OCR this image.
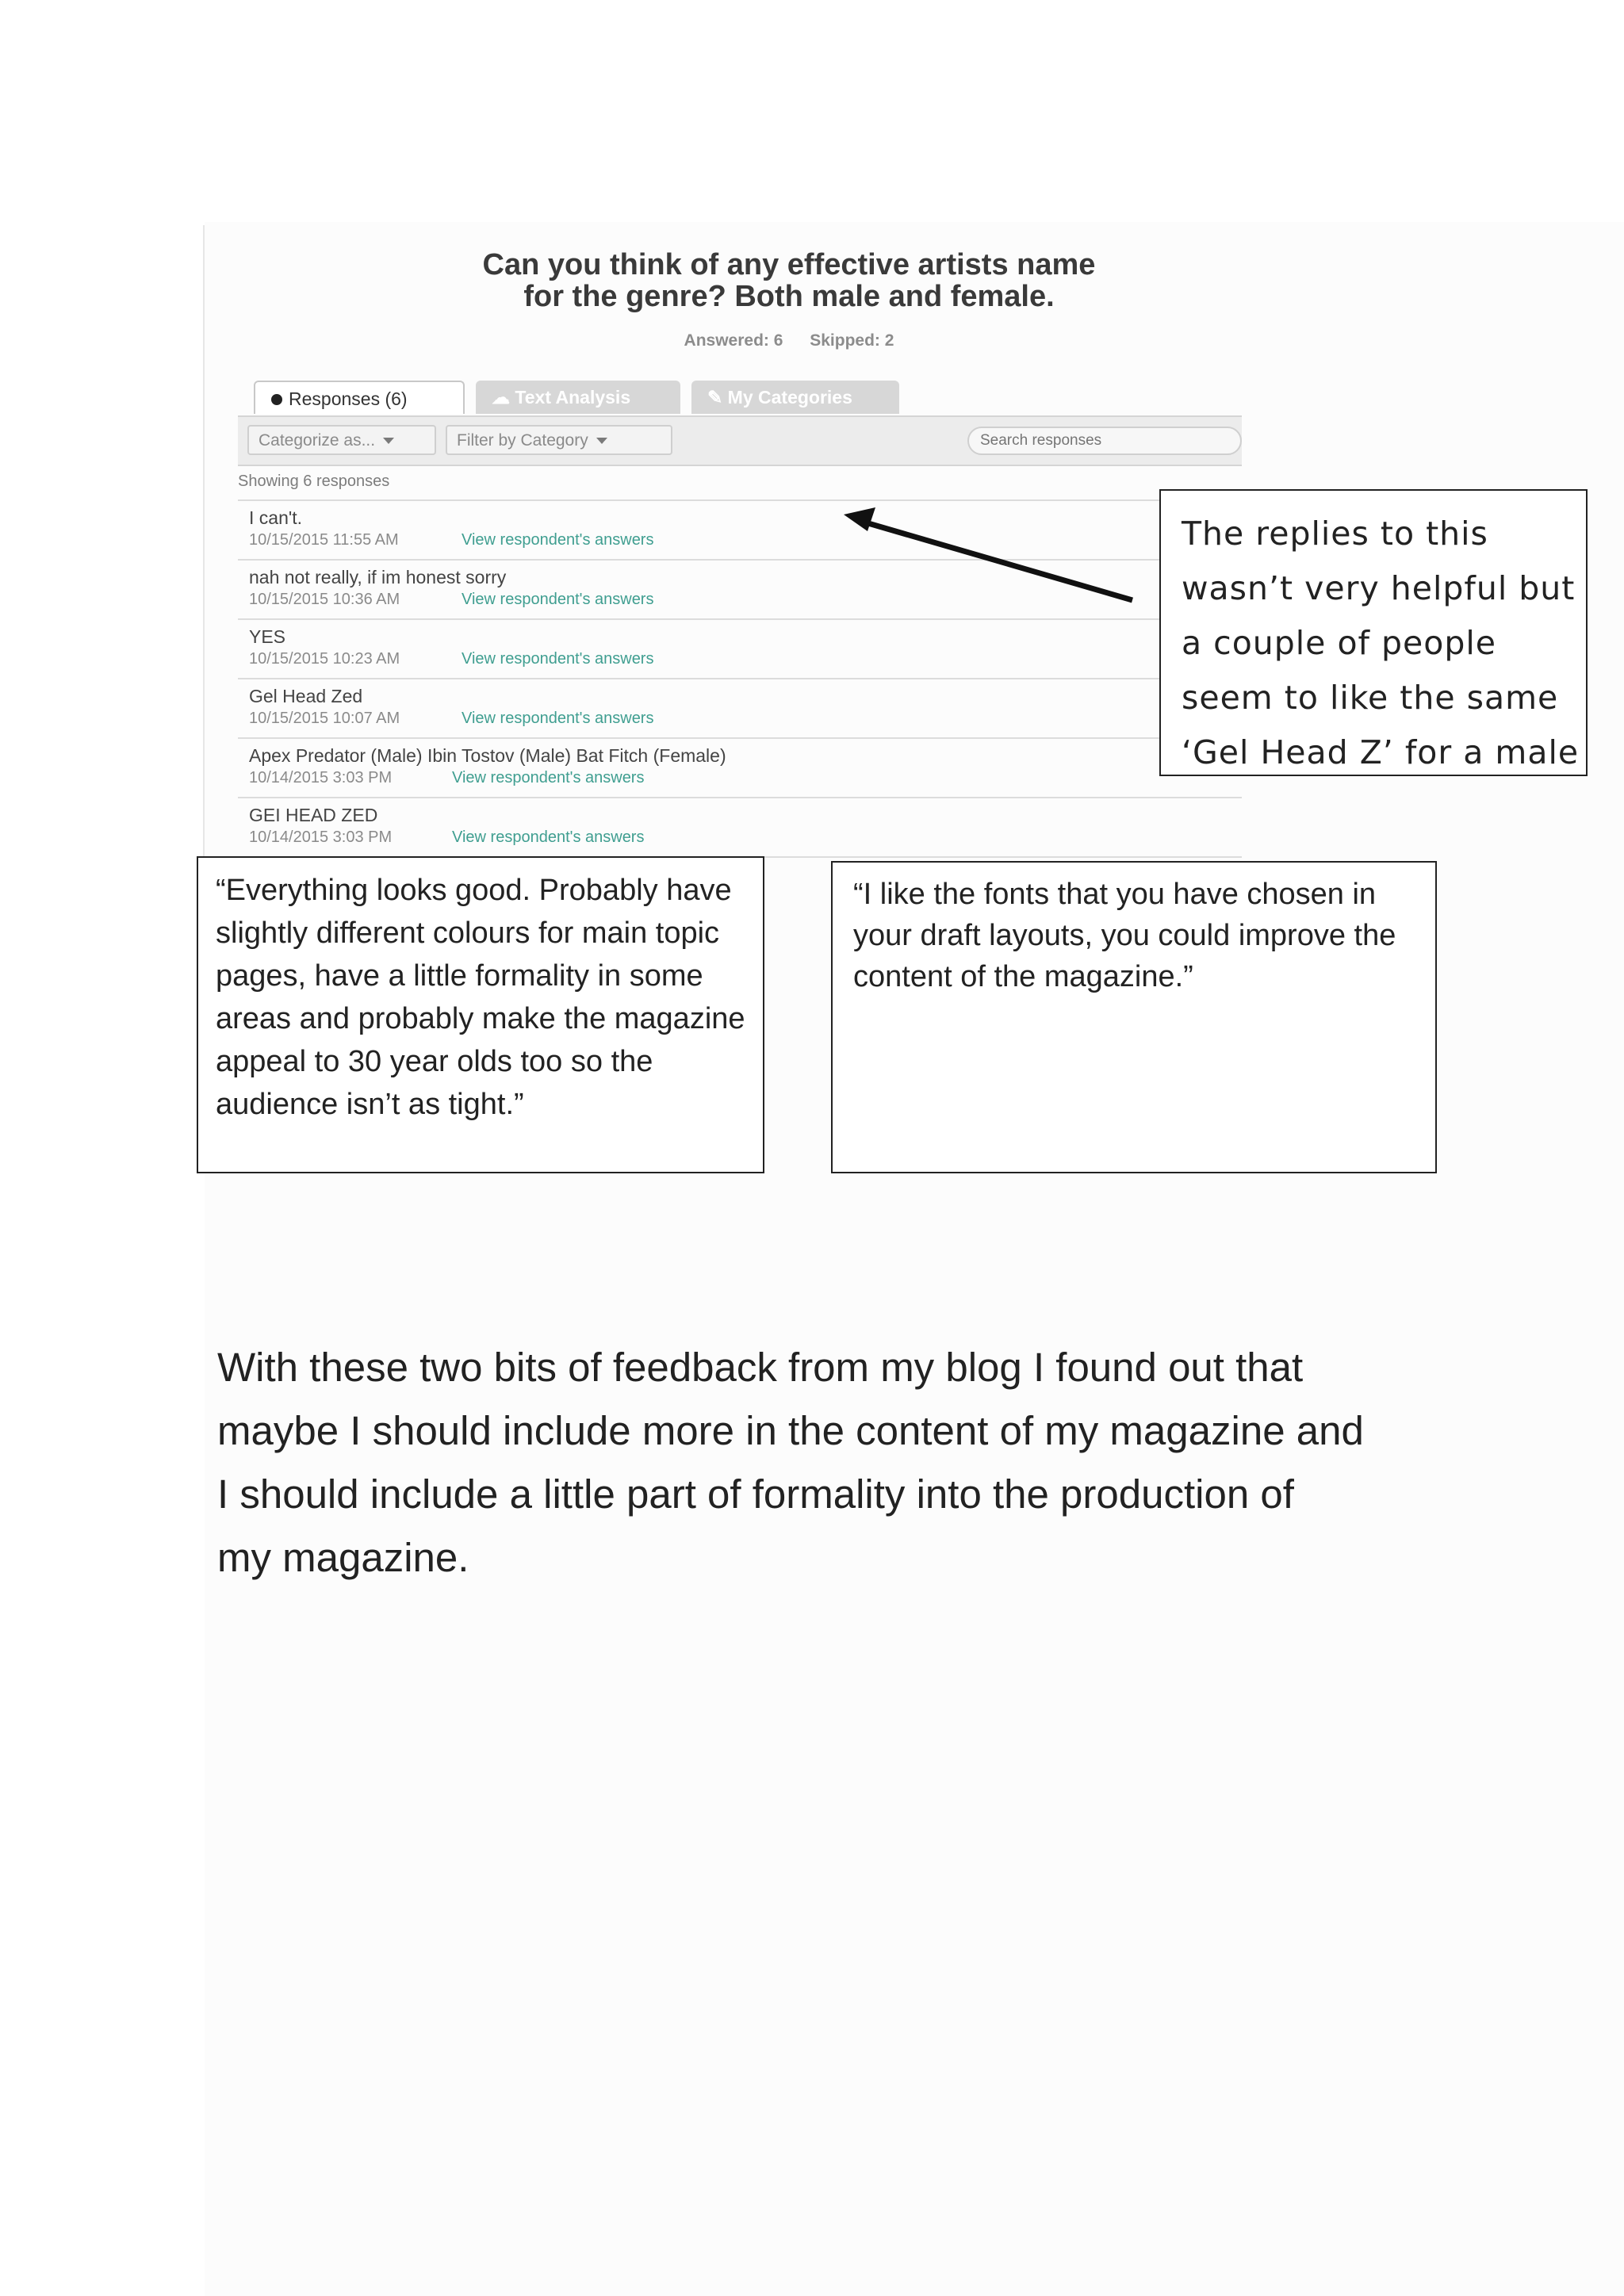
Can you think of any effective artists name
for the genre? Both male and female.
Answered: 6 Skipped: 2
Responses (6)	☁ Text Analysis	✎ My Categories
Categorize as...	Filter by Category
Search responses
Showing 6 responses
I can't.
10/15/2015 11:55 AM	View respondent's answers
nah not really, if im honest sorry
10/15/2015 10:36 AM	View respondent's answers
YES
10/15/2015 10:23 AM	View respondent's answers
Gel Head Zed
10/15/2015 10:07 AM	View respondent's answers
Apex Predator (Male) Ibin Tostov (Male) Bat Fitch (Female)
10/14/2015 3:03 PM	View respondent's answers
GEI HEAD ZED
10/14/2015 3:03 PM	View respondent's answers
The replies to this
wasn’t very helpful but
a couple of people
seem to like the same
‘Gel Head Z’ for a male
“Everything looks good. Probably have
slightly different colours for main topic
pages, have a little formality in some
areas and probably make the magazine
appeal to 30 year olds too so the
audience isn’t as tight.”
“I like the fonts that you have chosen in
your draft layouts, you could improve the
content of the magazine.”
With these two bits of feedback from my blog I found out that
maybe I should include more in the content of my magazine and
I should include a little part of formality into the production of
my magazine.
